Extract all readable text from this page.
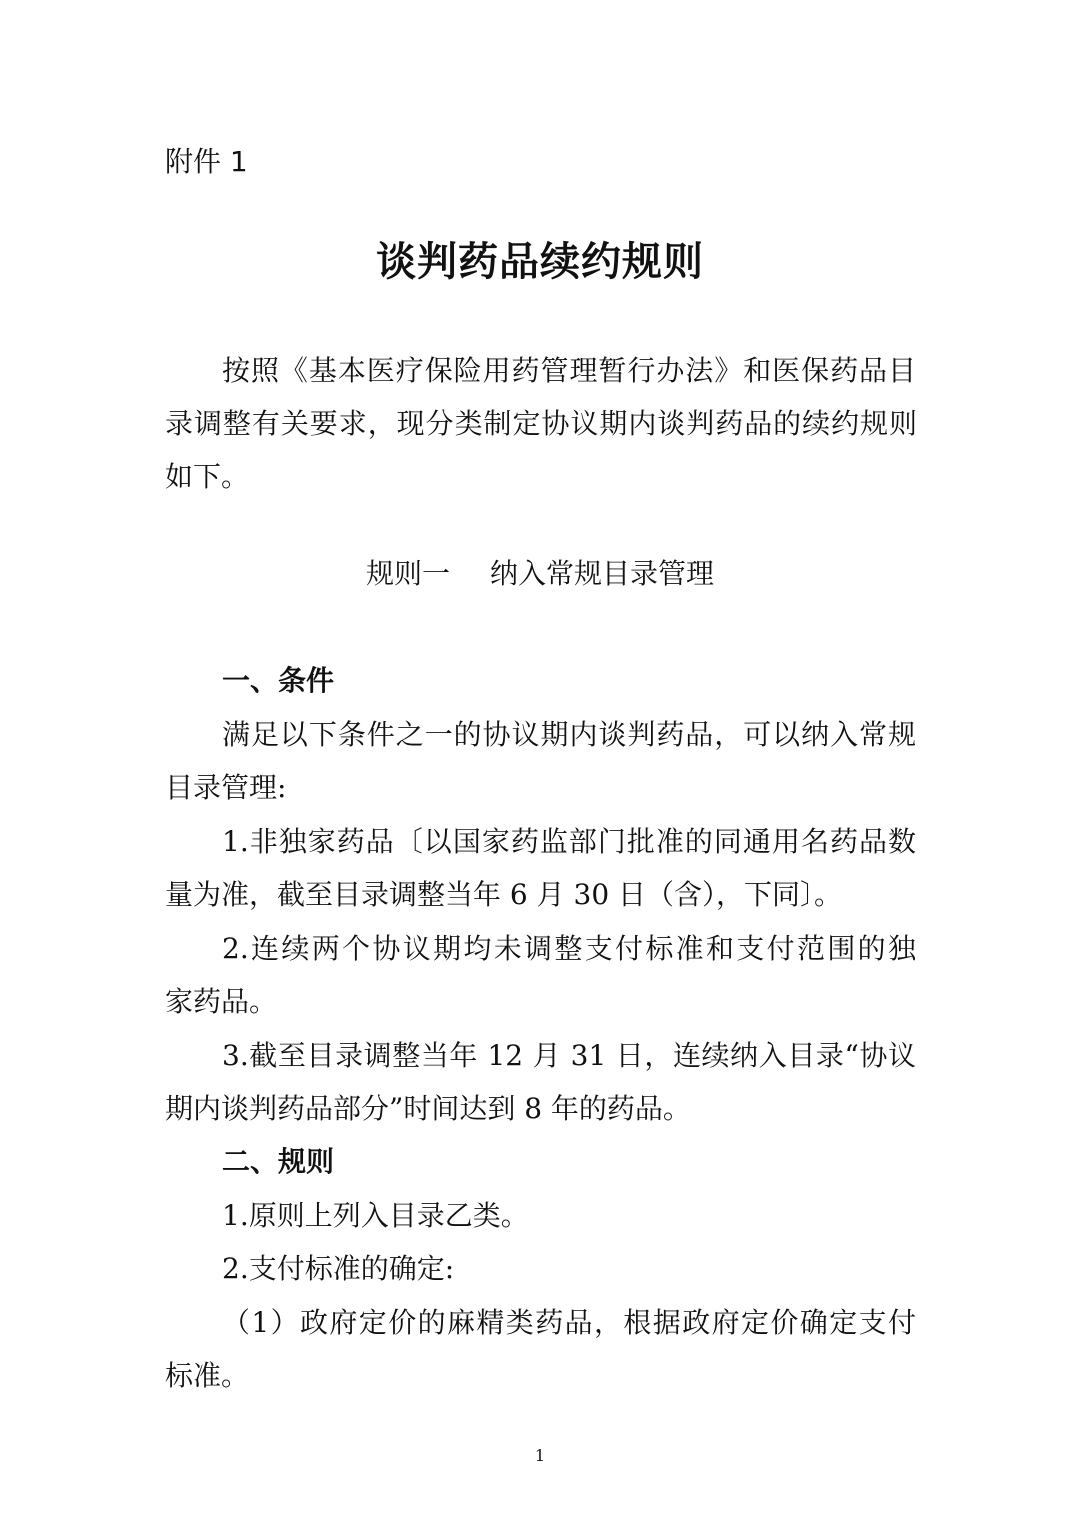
附件 1
谈判药品续约规则
按照《基本医疗保险用药管理暂行办法》和医保药品目
录调整有关要求，现分类制定协议期内谈判药品的续约规则
如下。
规则一 纳入常规目录管理
一、条件
满足以下条件之一的协议期内谈判药品，可以纳入常规
目录管理:
1.非独家药品〔以国家药监部门批准的同通用名药品数
量为准，截至目录调整当年 6 月 30 日（含），下同〕。
2.连续两个协议期均未调整支付标准和支付范围的独
家药品。
3.截至目录调整当年 12 月 31 日，连续纳入目录“协议
期内谈判药品部分”时间达到 8 年的药品。
二、规则
1.原则上列入目录乙类。
2.支付标准的确定:
（1）政府定价的麻精类药品，根据政府定价确定支付
标准。
1
